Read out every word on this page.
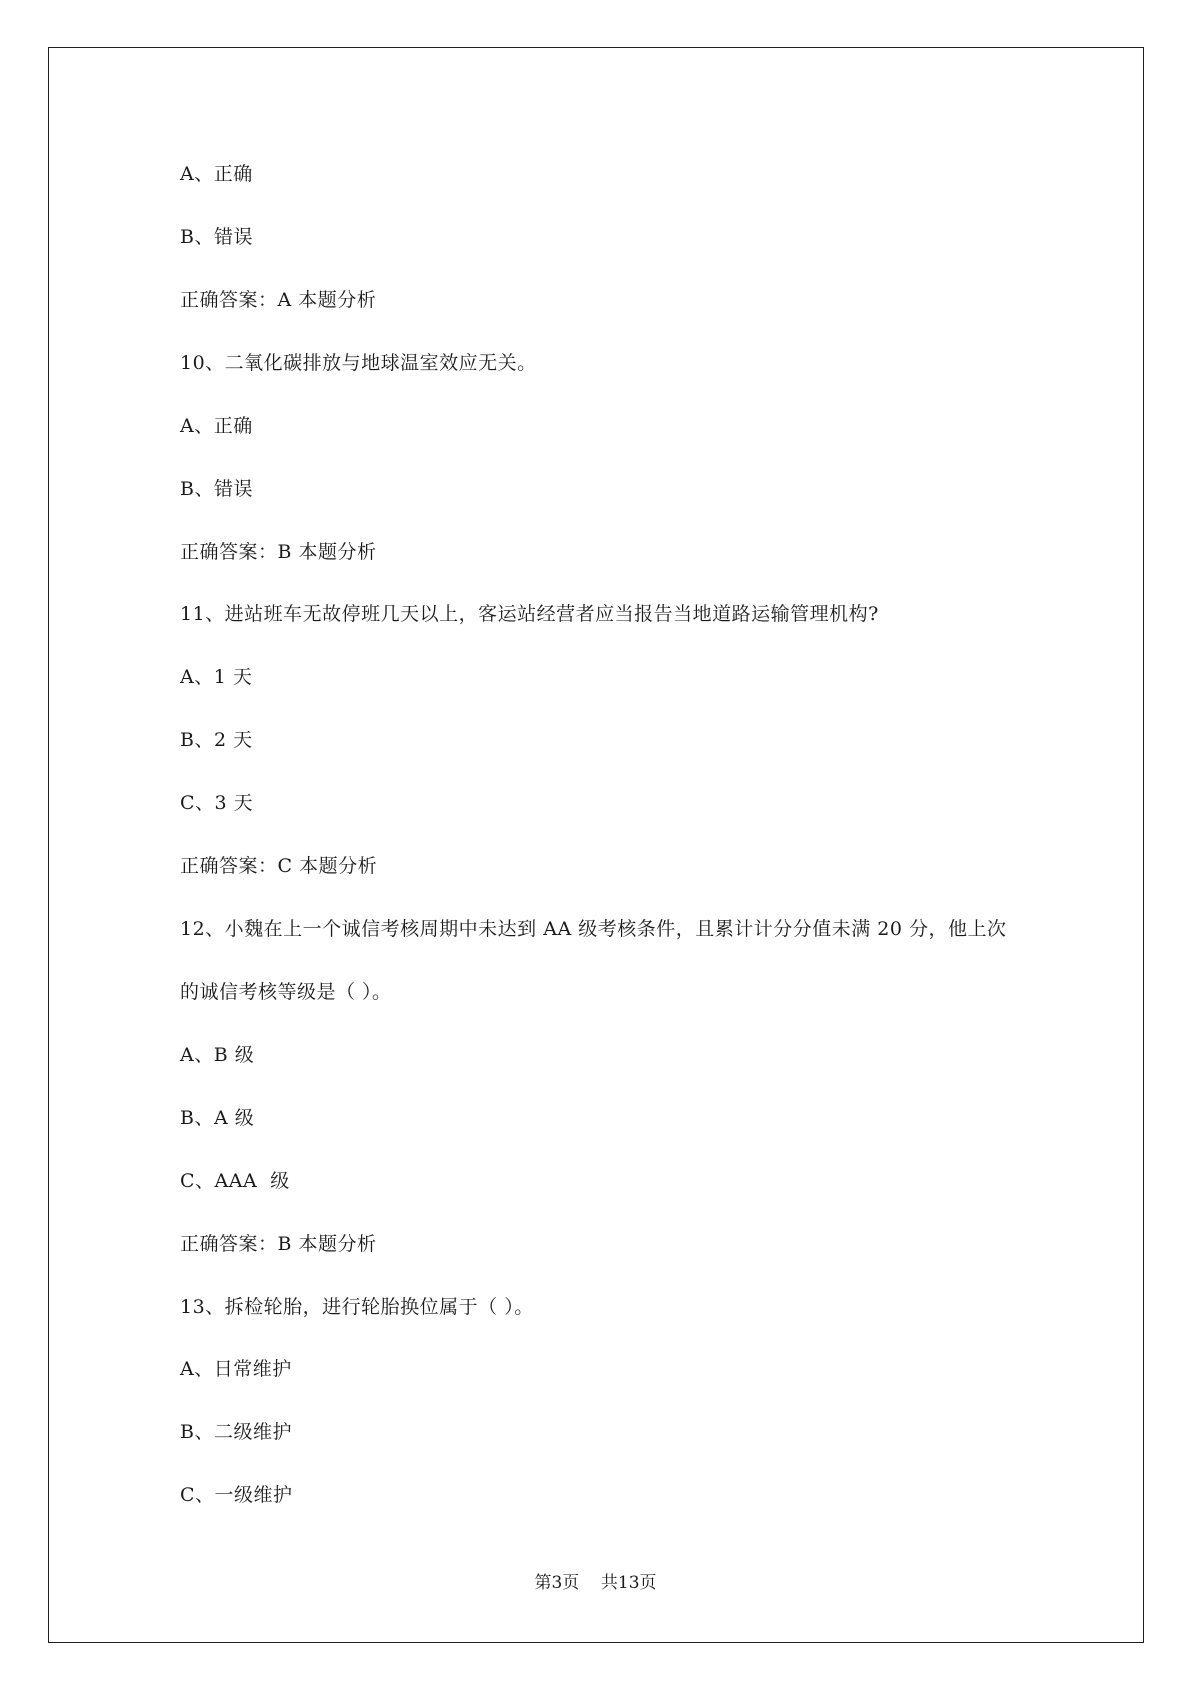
A、正确
B、错误
正确答案：A 本题分析
10、二氧化碳排放与地球温室效应无关。
A、正确
B、错误
正确答案：B 本题分析
11、进站班车无故停班几天以上，客运站经营者应当报告当地道路运输管理机构?
A、1 天
B、2 天
C、3 天
正确答案：C 本题分析
12、小魏在上一个诚信考核周期中未达到 AA 级考核条件，且累计计分分值未满 20 分，他上次
的诚信考核等级是（ ）。
A、B 级
B、A 级
C、AAA  级
正确答案：B 本题分析
13、拆检轮胎，进行轮胎换位属于（ ）。
A、日常维护
B、二级维护
C、一级维护
第3页    共13页
